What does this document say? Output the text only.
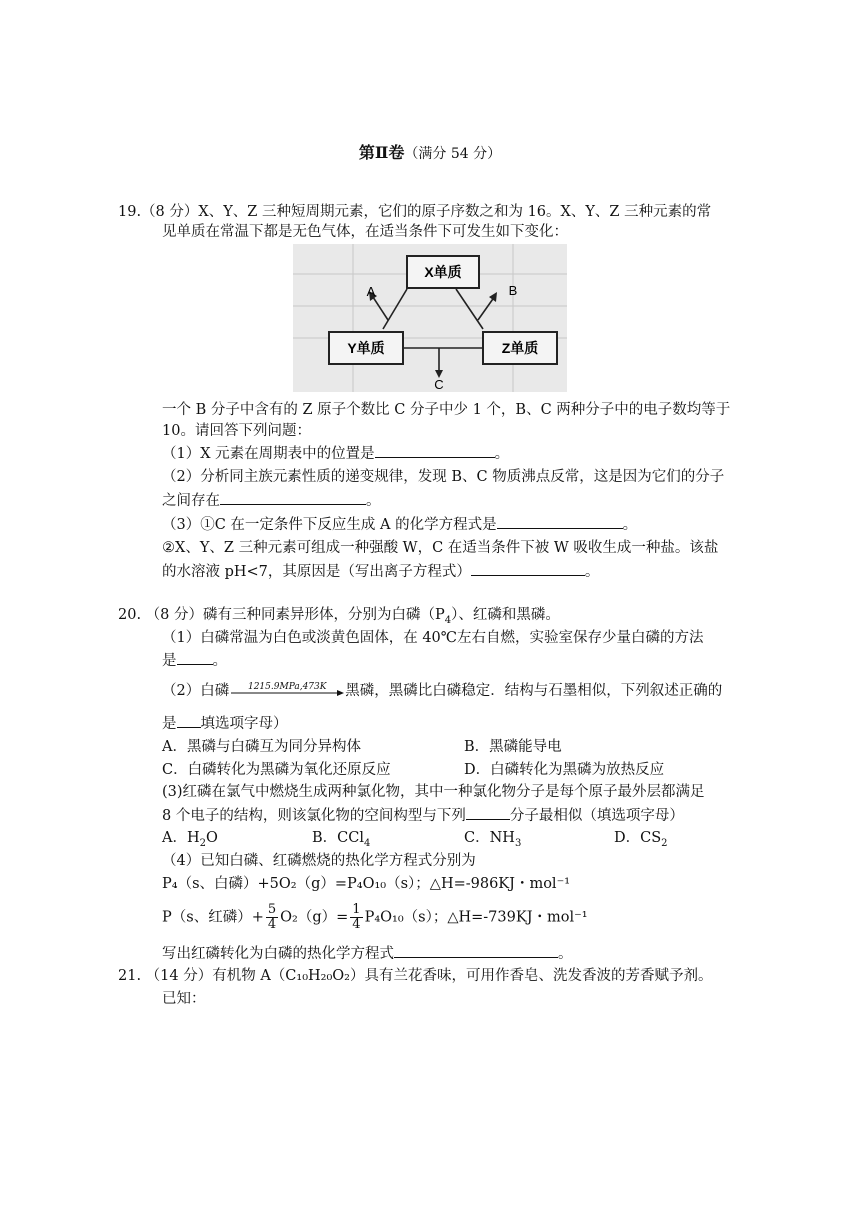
第Ⅱ卷（满分 54 分）
19.（8 分）X、Y、Z 三种短周期元素，它们的原子序数之和为 16。X、Y、Z 三种元素的常
见单质在常温下都是无色气体，在适当条件下可发生如下变化：
X单质
Y单质	Z单质
A	B
C
一个 B 分子中含有的 Z 原子个数比 C 分子中少 1 个，B、C 两种分子中的电子数均等于
10。请回答下列问题：
（1）X 元素在周期表中的位置是	。
（2）分析同主族元素性质的递变规律，发现 B、C 物质沸点反常，这是因为它们的分子
之间存在	。
（3）①C 在一定条件下反应生成 A 的化学方程式是	。
②X、Y、Z 三种元素可组成一种强酸 W，C 在适当条件下被 W 吸收生成一种盐。该盐
的水溶液 pH<7，其原因是（写出离子方程式）	。
20. （8 分）磷有三种同素异形体，分别为白磷$(P_4)$、红磷和黑磷。
（1）白磷常温为白色或淡黄色固体，在 40℃左右自燃，实验室保存少量白磷的方法
是 。
（2）白磷	1215.9MPa,473K	黑磷，黑磷比白磷稳定．结构与石墨相似，下列叙述正确的
是 填选项字母）
A．黑磷与白磷互为同分异构体	B．黑磷能导电
C．白磷转化为黑磷为氧化还原反应	D．白磷转化为黑磷为放热反应
(3)红磷在氯气中燃烧生成两种氯化物，其中一种氯化物分子是每个原子最外层都满足
8 个电子的结构，则该氯化物的空间构型与下列	分子最相似（填选项字母）
A．$H_2O$	B．CCl$_4$	C．$NH_3$	D．$CS_2$
（4）已知白磷、红磷燃烧的热化学方程式分别为
P₄（s、白磷）+5O₂（g）=P₄O₁₀（s）；△H=-986KJ・mol⁻¹
P（s、红磷）+ $\frac{5}{4} O_2(g)= \frac{1}{4} P_4O_{10}(s)$；△H=-739KJ・mol⁻¹
写出红磷转化为白磷的热化学方程式	。
21. （14 分）有机物 A（C₁₀H₂₀O₂）具有兰花香味，可用作香皂、洗发香波的芳香赋予剂。
已知：
